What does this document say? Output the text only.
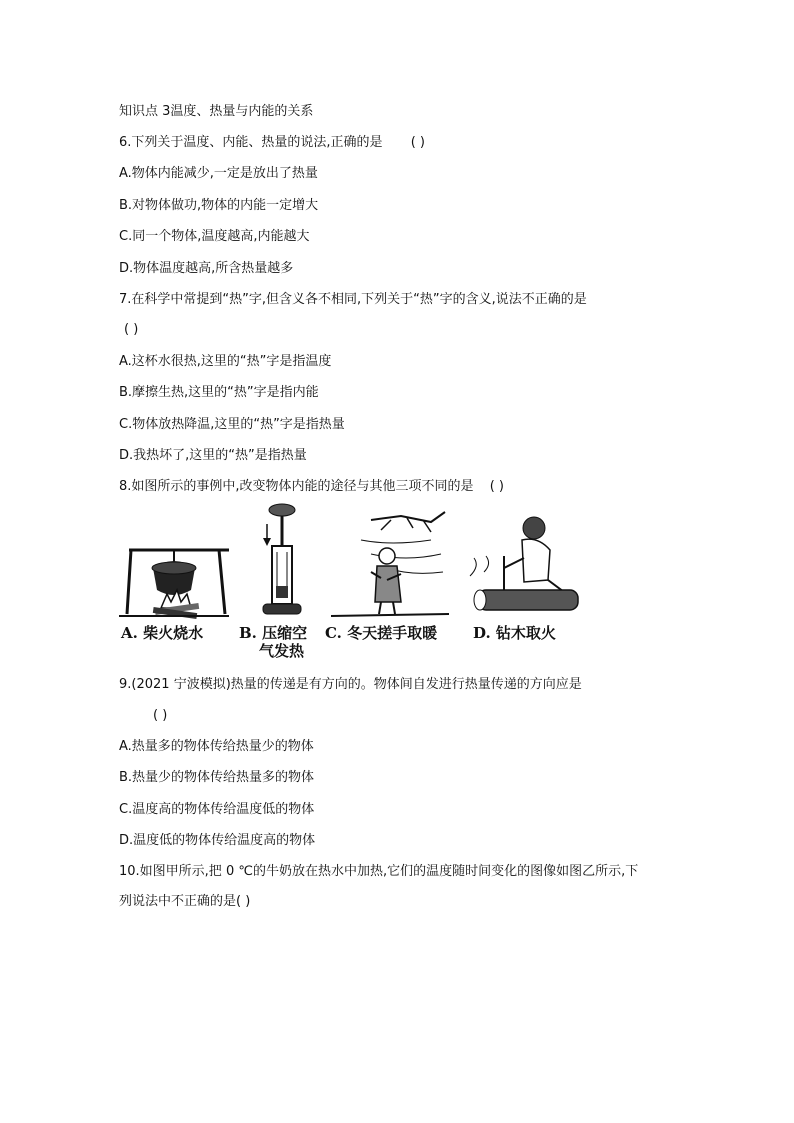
知识点 3温度、热量与内能的关系
6.下列关于温度、内能、热量的说法,正确的是 ( )
A.物体内能减少,一定是放出了热量
B.对物体做功,物体的内能一定增大
C.同一个物体,温度越高,内能越大
D.物体温度越高,所含热量越多
7.在科学中常提到“热”字,但含义各不相同,下列关于“热”字的含义,说法不正确的是
( )
A.这杯水很热,这里的“热”字是指温度
B.摩擦生热,这里的“热”字是指内能
C.物体放热降温,这里的“热”字是指热量
D.我热坏了,这里的“热”是指热量
8.如图所示的事例中,改变物体内能的途径与其他三项不同的是 ( )
A. 柴火烧水 B. 压缩空
气发热
C. 冬天搓手取暖 D. 钻木取火
9.(2021 宁波模拟)热量的传递是有方向的。物体间自发进行热量传递的方向应是
( )
A.热量多的物体传给热量少的物体
B.热量少的物体传给热量多的物体
C.温度高的物体传给温度低的物体
D.温度低的物体传给温度高的物体
10.如图甲所示,把 0 ℃的牛奶放在热水中加热,它们的温度随时间变化的图像如图乙所示,下
列说法中不正确的是( )
